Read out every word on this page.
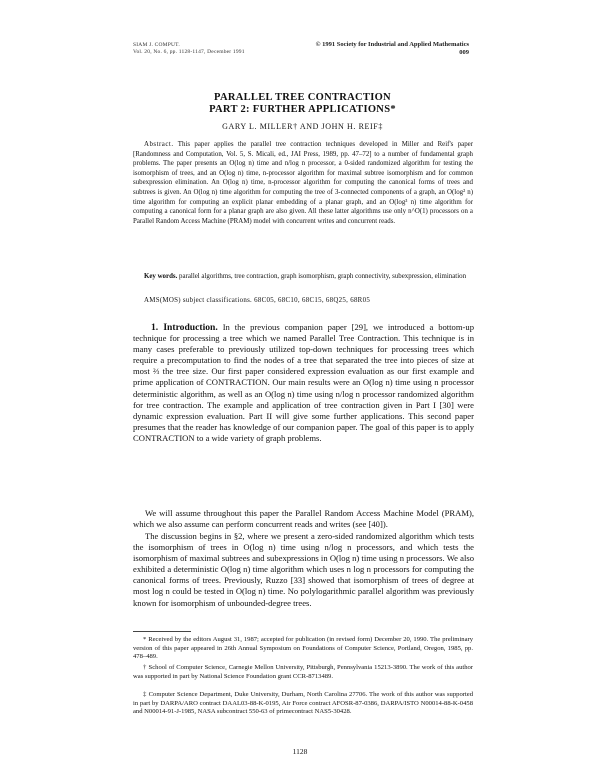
SIAM J. COMPUT.
Vol. 20, No. 6, pp. 1128-1147, December 1991
© 1991 Society for Industrial and Applied Mathematics
009
PARALLEL TREE CONTRACTION
PART 2: FURTHER APPLICATIONS*
GARY L. MILLER† AND JOHN H. REIF‡
Abstract. This paper applies the parallel tree contraction techniques developed in Miller and Reif's paper [Randomness and Computation, Vol. 5, S. Micali, ed., JAI Press, 1989, pp. 47–72] to a number of fundamental graph problems. The paper presents an O(log n) time and n/log n processor, a 0-sided randomized algorithm for testing the isomorphism of trees, and an O(log n) time, n-processor algorithm for maximal subtree isomorphism and for common subexpression elimination. An O(log n) time, n-processor algorithm for computing the canonical forms of trees and subtrees is given. An O(log n) time algorithm for computing the tree of 3-connected components of a graph, an O(log² n) time algorithm for computing an explicit planar embedding of a planar graph, and an O(log³ n) time algorithm for computing a canonical form for a planar graph are also given. All these latter algorithms use only n^O(1) processors on a Parallel Random Access Machine (PRAM) model with concurrent writes and concurrent reads.
Key words. parallel algorithms, tree contraction, graph isomorphism, graph connectivity, subexpression, elimination
AMS(MOS) subject classifications. 68C05, 68C10, 68C15, 68Q25, 68R05
1. Introduction. In the previous companion paper [29], we introduced a bottom-up technique for processing a tree which we named Parallel Tree Contraction. This technique is in many cases preferable to previously utilized top-down techniques for processing trees which require a precomputation to find the nodes of a tree that separated the tree into pieces of size at most ⅔ the tree size. Our first paper considered expression evaluation as our first example and prime application of CONTRACTION. Our main results were an O(log n) time using n processor deterministic algorithm, as well as an O(log n) time using n/log n processor randomized algorithm for tree contraction. The example and application of tree contraction given in Part I [30] were dynamic expression evaluation. Part II will give some further applications. This second paper presumes that the reader has knowledge of our companion paper. The goal of this paper is to apply CONTRACTION to a wide variety of graph problems.
We will assume throughout this paper the Parallel Random Access Machine Model (PRAM), which we also assume can perform concurrent reads and writes (see [40]).
The discussion begins in §2, where we present a zero-sided randomized algorithm which tests the isomorphism of trees in O(log n) time using n/log n processors, and which tests the isomorphism of maximal subtrees and subexpressions in O(log n) time using n processors. We also exhibited a deterministic O(log n) time algorithm which uses n log n processors for computing the canonical forms of trees. Previously, Ruzzo [33] showed that isomorphism of trees of degree at most log n could be tested in O(log n) time. No polylogarithmic parallel algorithm was previously known for isomorphism of unbounded-degree trees.
* Received by the editors August 31, 1987; accepted for publication (in revised form) December 20, 1990. The preliminary version of this paper appeared in 26th Annual Symposium on Foundations of Computer Science, Portland, Oregon, 1985, pp. 478–489.
† School of Computer Science, Carnegie Mellon University, Pittsburgh, Pennsylvania 15213-3890. The work of this author was supported in part by National Science Foundation grant CCR-8713489.
‡ Computer Science Department, Duke University, Durham, North Carolina 27706. The work of this author was supported in part by DARPA/ARO contract DAAL03-88-K-0195, Air Force contract AFOSR-87-0386, DARPA/ISTO N00014-88-K-0458 and N00014-91-J-1985, NASA subcontract 550-63 of primecontract NAS5-30428.
1128
